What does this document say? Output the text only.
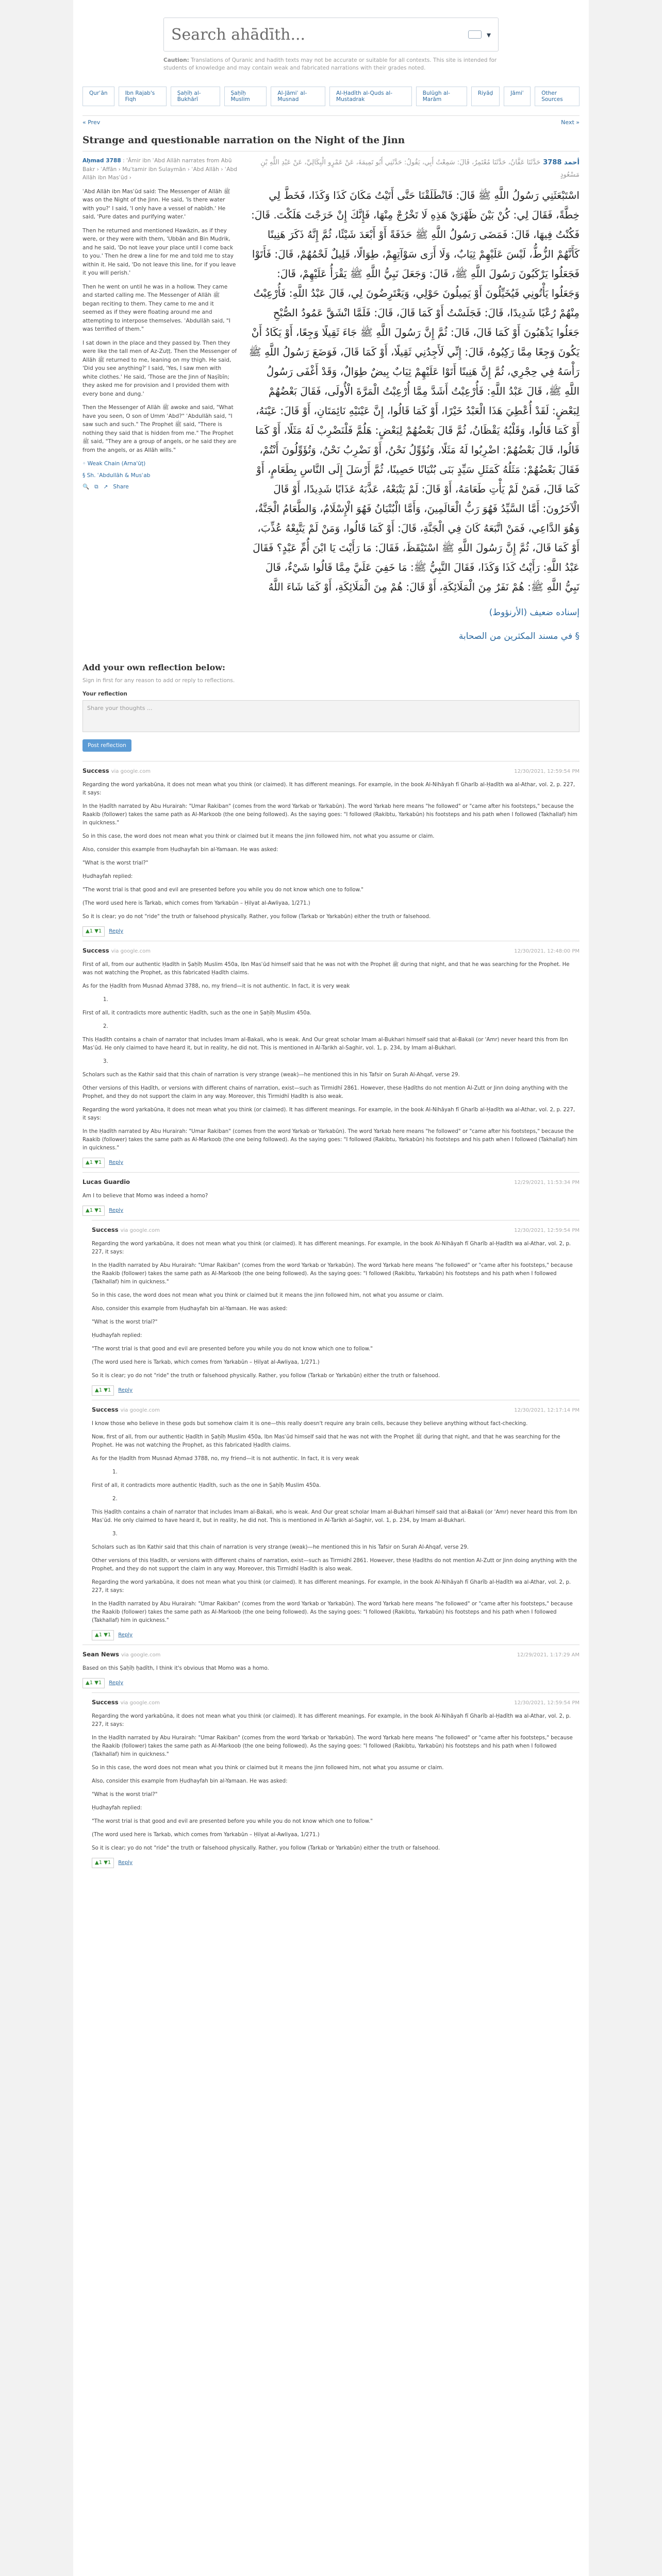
Search ahādīth...
▾
Caution: Translations of Quranic and hadith texts may not be accurate or suitable for all contexts. This site is intended for students of knowledge and may contain weak and fabricated narrations with their grades noted.
Qurʾān	Ibn Rajab's Fiqh
Ṣaḥīḥ al-Bukhārī
Ṣaḥīḥ Muslim
Al-Jāmiʿ al-Musnad
Al-Ḥadīth al-Quds al-Mustadrak
Bulūgh al-Marām
Riyāḍ	Jāmiʿ	Other Sources
« Prev	Next »
Strange and questionable narration on the Night of the Jinn

Aḥmad 3788 : 'Āmir ibn ʿAbd Allāh narrates from Abū Bakr › ʿAffān › Muʿtamir ibn Sulaymān › ʿAbd Allāh › ʿAbd Allāh ibn Masʿūd ›

ʿAbd Allāh ibn Masʿūd said: The Messenger of Allāh ﷺ was on the Night of the Jinn. He said, 'Is there water with you?' I said, 'I only have a vessel of nabīdh.' He said, 'Pure dates and purifying water.'

Then he returned and mentioned Hawāzin, as if they were, or they were with them, 'Ubbān and Bin Mudrik, and he said, 'Do not leave your place until I come back to you.' Then he drew a line for me and told me to stay within it. He said, 'Do not leave this line, for if you leave it you will perish.'

Then he went on until he was in a hollow. They came and started calling me. The Messenger of Allāh ﷺ began reciting to them. They came to me and it seemed as if they were floating around me and attempting to interpose themselves. ʿAbdullāh said, "I was terrified of them."

I sat down in the place and they passed by. Then they were like the tall men of Az-Zuṭṭ. Then the Messenger of Allāh ﷺ returned to me, leaning on my thigh. He said, 'Did you see anything?' I said, 'Yes, I saw men with white clothes.' He said, 'Those are the Jinn of Naṣībīn; they asked me for provision and I provided them with every bone and dung.'

Then the Messenger of Allāh ﷺ awoke and said, "What have you seen, O son of Umm ʿAbd?" ʿAbdullāh said, "I saw such and such." The Prophet ﷺ said, "There is nothing they said that is hidden from me." The Prophet ﷺ said, "They are a group of angels, or he said they are from the angels, or as Allāh wills."

◦ Weak Chain (Arna'ūṭ)
§ Sh. ʿAbdullāh & Musʿab
🔍 ⧉ ↗ Share
أحمد 3788 حَدَّثَنَا عَفَّانُ، حَدَّثَنَا مُعْتَمِرٌ، قَالَ: سَمِعْتُ أَبِي، يَقُولُ: حَدَّثَنِي أَبُو تَمِيمَةَ، عَنْ عَمْرٍو الْبِكَالِيِّ، عَنْ عَبْدِ اللَّهِ بْنِ مَسْعُودٍ
اسْتَبْعَثَنِي رَسُولُ اللَّهِ ﷺ قَالَ: فَانْطَلَقْنَا حَتَّى أَتَيْتُ مَكَانَ كَذَا وَكَذَا، فَخَطَّ لِي خِطَّةً، فَقَالَ لِي: كُنْ بَيْنَ ظَهْرَيْ هَذِهِ لَا تَخْرُجْ مِنْهَا، فَإِنَّكَ إِنْ خَرَجْتَ هَلَكْتَ. قَالَ: فَكُنْتُ فِيهَا، قَالَ: فَمَضَى رَسُولُ اللَّهِ ﷺ حَذَفَةً أَوْ أَبْعَدَ شَيْئًا، ثُمَّ إِنَّهُ ذَكَرَ هَنِينًا كَأَنَّهُمْ الزُّطُّ، لَيْسَ عَلَيْهِمْ ثِيَابٌ، وَلَا أَرَى سَوْآتِهِمْ، طِوَالًا، قَلِيلٌ لَحْمُهُمْ، قَالَ: فَأَتَوْا فَجَعَلُوا يَرْكَبُونَ رَسُولَ اللَّهِ ﷺ، قَالَ: وَجَعَلَ نَبِيُّ اللَّهِ ﷺ يَقْرَأُ عَلَيْهِمْ، قَالَ: وَجَعَلُوا يَأْتُونِي فَيُخَيِّلُونَ أَوْ يَمِيلُونَ حَوْلِي، وَيَعْتَرِضُونَ لِي، قَالَ عَبْدُ اللَّهِ: فَأُرْعِبْتُ مِنْهُمْ رُعْبًا شَدِيدًا، قَالَ: فَجَلَسْتُ أَوْ كَمَا قَالَ، قَالَ: فَلَمَّا انْشَقَّ عَمُودُ الصُّبْحِ جَعَلُوا يَذْهَبُونَ أَوْ كَمَا قَالَ، قَالَ: ثُمَّ إِنَّ رَسُولَ اللَّهِ ﷺ جَاءَ ثَقِيلًا وَجِعًا، أَوْ يَكَادُ أَنْ يَكُونَ وَجِعًا مِمَّا رَكِبُوهُ، قَالَ: إِنِّي لَأَجِدُنِي ثَقِيلًا، أَوْ كَمَا قَالَ، فَوَضَعَ رَسُولُ اللَّهِ ﷺ رَأْسَهُ فِي حِجْرِي، ثُمَّ إِنَّ هَنِينًا أَتَوْا عَلَيْهِمْ ثِيَابٌ بِيضٌ طِوَالٌ، وَقَدْ أَغْفَى رَسُولُ اللَّهِ ﷺ، قَالَ عَبْدُ اللَّهِ: فَأُرْعِبْتُ أَشَدَّ مِمَّا أُرْعِبْتُ الْمَرَّةَ الْأُولَى، فَقَالَ بَعْضُهُمْ لِبَعْضٍ: لَقَدْ أُعْطِيَ هَذَا الْعَبْدُ خَيْرًا، أَوْ كَمَا قَالُوا، إِنَّ عَيْنَيْهِ نَائِمَتَانِ، أَوْ قَالَ: عَيْنَهُ، أَوْ كَمَا قَالُوا، وَقَلْبُهُ يَقْظَانُ، ثُمَّ قَالَ بَعْضُهُمْ لِبَعْضٍ: هَلُمَّ فَلْنَضْرِبْ لَهُ مَثَلًا، أَوْ كَمَا قَالُوا، قَالَ بَعْضُهُمْ: اضْرِبُوا لَهُ مَثَلًا، وَنُؤَوِّلُ نَحْنُ، أَوْ نَضْرِبُ نَحْنُ، وَتُؤَوِّلُونَ أَنْتُمْ، فَقَالَ بَعْضُهُمْ: مَثَلُهُ كَمَثَلِ سَيِّدٍ بَنَى بُنْيَانًا حَصِينًا، ثُمَّ أَرْسَلَ إِلَى النَّاسِ بِطَعَامٍ، أَوْ كَمَا قَالَ، فَمَنْ لَمْ يَأْتِ طَعَامَهُ، أَوْ قَالَ: لَمْ يَتْبَعْهُ، عَذَّبَهُ عَذَابًا شَدِيدًا، أَوْ قَالَ الْآخَرُونَ: أَمَّا السَّيِّدُ فَهُوَ رَبُّ الْعَالَمِينَ، وَأَمَّا الْبُنْيَانُ فَهُوَ الْإِسْلَامُ، وَالطَّعَامُ الْجَنَّةُ، وَهُوَ الدَّاعِي، فَمَنْ اتَّبَعَهُ كَانَ فِي الْجَنَّةِ، قَالَ: أَوْ كَمَا قَالُوا، وَمَنْ لَمْ يَتَّبِعْهُ عُذِّبَ، أَوْ كَمَا قَالَ، ثُمَّ إِنَّ رَسُولَ اللَّهِ ﷺ اسْتَيْقَظَ، فَقَالَ: مَا رَأَيْتَ يَا ابْنَ أُمِّ عَبْدٍ؟ فَقَالَ عَبْدُ اللَّهِ: رَأَيْتُ كَذَا وَكَذَا، فَقَالَ النَّبِيُّ ﷺ: مَا خَفِيَ عَلَيَّ مِمَّا قَالُوا شَيْءٌ، قَالَ نَبِيُّ اللَّهِ ﷺ: هُمْ نَفَرٌ مِنَ الْمَلَائِكَةِ، أَوْ قَالَ: هُمْ مِنَ الْمَلَائِكَةِ، أَوْ كَمَا شَاءَ اللَّهُ
إسناده ضعيف (الأرنؤوط)
§ في مسند المكثرين من الصحابة
Add your own reflection below:
Sign in first for any reason to add or reply to reflections.
Your reflection
Share your thoughts ... Post reflection
Success via google.com	12/30/2021, 12:59:54 PM

Regarding the word yarkabūna, it does not mean what you think (or claimed). It has different meanings. For example, in the book Al-Nihāyah fī Gharīb al-Ḥadīth wa al-Athar, vol. 2, p. 227, it says:

In the Ḥadīth narrated by Abu Hurairah: "Umar Rakiban" (comes from the word Yarkab or Yarkabūn). The word Yarkab here means "he followed" or "came after his footsteps," because the Raakib (follower) takes the same path as Al-Markoob (the one being followed). As the saying goes: "I followed (Rakibtu, Yarkabūn) his footsteps and his path when I followed (Takhallaf) him in quickness."

So in this case, the word does not mean what you think or claimed but it means the jinn followed him, not what you assume or claim.

Also, consider this example from Ḥudhayfah bin al-Yamaan. He was asked:

"What is the worst trial?"

Ḥudhayfah replied:

"The worst trial is that good and evil are presented before you while you do not know which one to follow."

(The word used here is Tarkab, which comes from Yarkabūn – Ḥilyat al-Awliyaa, 1/271.)

So it is clear; yo do not "ride" the truth or falsehood physically. Rather, you follow (Tarkab or Yarkabūn) either the truth or falsehood.

▲1 ▼1	Reply
Success via google.com	12/30/2021, 12:48:00 PM

First of all, from our authentic Ḥadīth in Ṣaḥīḥ Muslim 450a, Ibn Masʿūd himself said that he was not with the Prophet ﷺ during that night, and that he was searching for the Prophet. He was not watching the Prophet, as this fabricated Ḥadīth claims.

As for the Ḥadīth from Musnad Aḥmad 3788, no, my friend—it is not authentic. In fact, it is very weak

1.

First of all, it contradicts more authentic Ḥadīth, such as the one in Ṣaḥīḥ Muslim 450a.

2.

This Ḥadīth contains a chain of narrator that includes Imam al-Bakali, who is weak. And Our great scholar Imam al-Bukhari himself said that al-Bakali (or 'Amr) never heard this from Ibn Masʿūd. He only claimed to have heard it, but in reality, he did not. This is mentioned in Al-Tarikh al-Saghir, vol. 1, p. 234, by Imam al-Bukhari.

3.

Scholars such as the Kathir said that this chain of narration is very strange (weak)—he mentioned this in his Tafsir on Surah Al-Ahqaf, verse 29.

Other versions of this Ḥadīth, or versions with different chains of narration, exist—such as Tirmidhī 2861. However, these Ḥadīths do not mention Al-Zutt or Jinn doing anything with the Prophet, and they do not support the claim in any way. Moreover, this Tirmidhī Ḥadīth is also weak.

Regarding the word yarkabūna, it does not mean what you think (or claimed). It has different meanings. For example, in the book Al-Nihāyah fī Gharīb al-Ḥadīth wa al-Athar, vol. 2, p. 227, it says:

In the Ḥadīth narrated by Abu Hurairah: "Umar Rakiban" (comes from the word Yarkab or Yarkabūn). The word Yarkab here means "he followed" or "came after his footsteps," because the Raakib (follower) takes the same path as Al-Markoob (the one being followed). As the saying goes: "I followed (Rakibtu, Yarkabūn) his footsteps and his path when I followed (Takhallaf) him in quickness."

▲1 ▼1	Reply
Lucas Guardio	12/29/2021, 11:53:34 PM

Am I to believe that Momo was indeed a homo?

▲1 ▼1	Reply
Success via google.com	12/30/2021, 12:59:54 PM

Regarding the word yarkabūna, it does not mean what you think (or claimed). It has different meanings. For example, in the book Al-Nihāyah fī Gharīb al-Ḥadīth wa al-Athar, vol. 2, p. 227, it says:

In the Ḥadīth narrated by Abu Hurairah: "Umar Rakiban" (comes from the word Yarkab or Yarkabūn). The word Yarkab here means "he followed" or "came after his footsteps," because the Raakib (follower) takes the same path as Al-Markoob (the one being followed). As the saying goes: "I followed (Rakibtu, Yarkabūn) his footsteps and his path when I followed (Takhallaf) him in quickness."

So in this case, the word does not mean what you think or claimed but it means the jinn followed him, not what you assume or claim.

Also, consider this example from Ḥudhayfah bin al-Yamaan. He was asked:

"What is the worst trial?"

Ḥudhayfah replied:

"The worst trial is that good and evil are presented before you while you do not know which one to follow."

(The word used here is Tarkab, which comes from Yarkabūn – Ḥilyat al-Awliyaa, 1/271.)

So it is clear; yo do not "ride" the truth or falsehood physically. Rather, you follow (Tarkab or Yarkabūn) either the truth or falsehood.

▲1 ▼1	Reply
Success via google.com	12/30/2021, 12:17:14 PM

I know those who believe in these gods but somehow claim it is one—this really doesn't require any brain cells, because they believe anything without fact-checking.

Now, first of all, from our authentic Ḥadīth in Ṣaḥīḥ Muslim 450a, Ibn Masʿūd himself said that he was not with the Prophet ﷺ during that night, and that he was searching for the Prophet. He was not watching the Prophet, as this fabricated Ḥadīth claims.

As for the Ḥadīth from Musnad Aḥmad 3788, no, my friend—it is not authentic. In fact, it is very weak

1.

First of all, it contradicts more authentic Ḥadīth, such as the one in Ṣaḥīḥ Muslim 450a.

2.

This Ḥadīth contains a chain of narrator that includes Imam al-Bakali, who is weak. And Our great scholar Imam al-Bukhari himself said that al-Bakali (or 'Amr) never heard this from Ibn Masʿūd. He only claimed to have heard it, but in reality, he did not. This is mentioned in Al-Tarikh al-Saghir, vol. 1, p. 234, by Imam al-Bukhari.

3.

Scholars such as Ibn Kathir said that this chain of narration is very strange (weak)—he mentioned this in his Tafsir on Surah Al-Ahqaf, verse 29.

Other versions of this Ḥadīth, or versions with different chains of narration, exist—such as Tirmidhī 2861. However, these Ḥadīths do not mention Al-Zutt or Jinn doing anything with the Prophet, and they do not support the claim in any way. Moreover, this Tirmidhī Ḥadīth is also weak.

Regarding the word yarkabūna, it does not mean what you think (or claimed). It has different meanings. For example, in the book Al-Nihāyah fī Gharīb al-Ḥadīth wa al-Athar, vol. 2, p. 227, it says:

In the Ḥadīth narrated by Abu Hurairah: "Umar Rakiban" (comes from the word Yarkab or Yarkabūn). The word Yarkab here means "he followed" or "came after his footsteps," because the Raakib (follower) takes the same path as Al-Markoob (the one being followed). As the saying goes: "I followed (Rakibtu, Yarkabūn) his footsteps and his path when I followed (Takhallaf) him in quickness."

▲1 ▼1	Reply
Sean News via google.com	12/29/2021, 1:17:29 AM

Based on this Ṣaḥīḥ ḥadīth, I think it's obvious that Momo was a homo.

▲1 ▼1	Reply
Success via google.com	12/30/2021, 12:59:54 PM

Regarding the word yarkabūna, it does not mean what you think (or claimed). It has different meanings. For example, in the book Al-Nihāyah fī Gharīb al-Ḥadīth wa al-Athar, vol. 2, p. 227, it says:

In the Ḥadīth narrated by Abu Hurairah: "Umar Rakiban" (comes from the word Yarkab or Yarkabūn). The word Yarkab here means "he followed" or "came after his footsteps," because the Raakib (follower) takes the same path as Al-Markoob (the one being followed). As the saying goes: "I followed (Rakibtu, Yarkabūn) his footsteps and his path when I followed (Takhallaf) him in quickness."

So in this case, the word does not mean what you think or claimed but it means the jinn followed him, not what you assume or claim.

Also, consider this example from Ḥudhayfah bin al-Yamaan. He was asked:

"What is the worst trial?"

Ḥudhayfah replied:

"The worst trial is that good and evil are presented before you while you do not know which one to follow."

(The word used here is Tarkab, which comes from Yarkabūn – Ḥilyat al-Awliyaa, 1/271.)

So it is clear; yo do not "ride" the truth or falsehood physically. Rather, you follow (Tarkab or Yarkabūn) either the truth or falsehood.

▲1 ▼1	Reply
